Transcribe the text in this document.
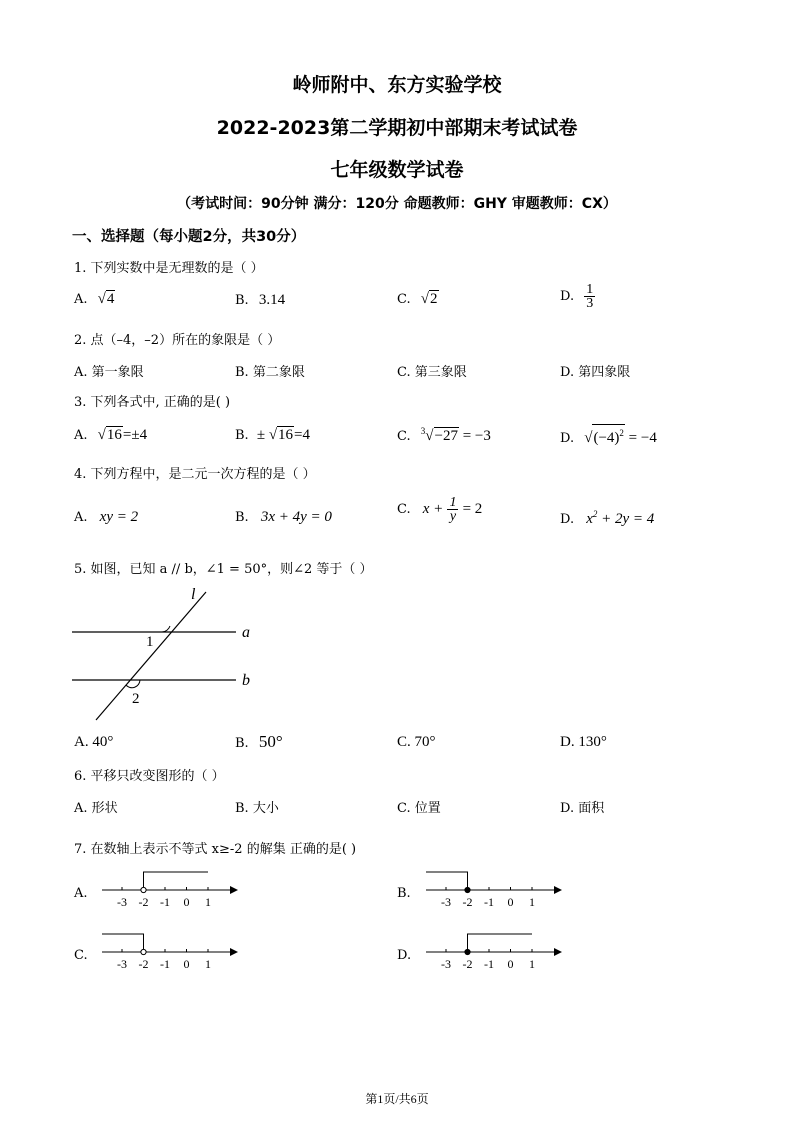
岭师附中、东方实验学校
2022-2023第二学期初中部期末考试试卷
七年级数学试卷
（考试时间：90分钟 满分：120分 命题教师：GHY 审题教师：CX）
一、选择题（每小题2分，共30分）
1. 下列实数中是无理数的是（ ）
A. √4	B. 3.14	C. √2	D. $\frac{1}{3}$
2. 点（–4，–2）所在的象限是（ ）
A. 第一象限	B. 第二象限	C. 第三象限	D. 第四象限
3. 下列各式中, 正确的是( )
A. √16=±4	B. ± √16=4	C. $^3$√−27 = −3	D. $√(-4)^2 = -4$
4. 下列方程中，是二元一次方程的是（ ）
A. xy = 2	B. 3x + 4y = 0	C. $x + \frac{1}{y} = 2$
D. $x^2 + 2y = 4$
5. 如图，已知 a // b，∠1 = 50°，则∠2 等于（ ）
l
a
b
1
2
A. 40°	B. 50°	C. 70°	D. 130°
6. 平移只改变图形的（ ）
A. 形状	B. 大小	C. 位置	D. 面积
7. 在数轴上表示不等式 x≥-2 的解集 正确的是( )
A.	B.
C.	D.
-3 -2 -1 0 1	-3 -2 -1 0 1
-3 -2 -1 0 1	-3 -2 -1 0 1
第1页/共6页
